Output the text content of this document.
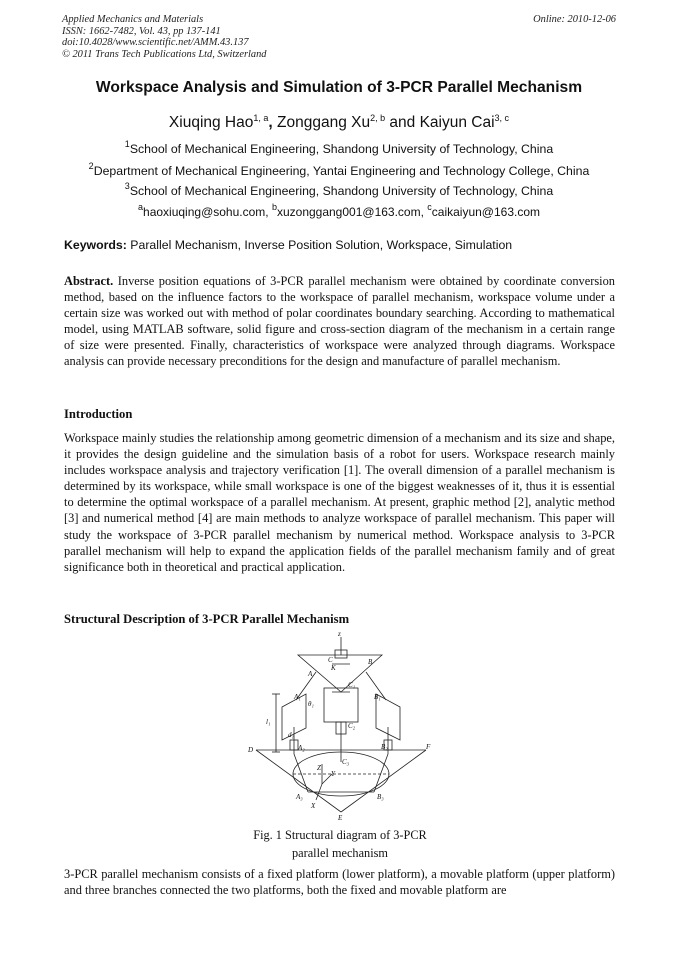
Applied Mechanics and Materials
ISSN: 1662-7482, Vol. 43, pp 137-141
doi:10.4028/www.scientific.net/AMM.43.137
© 2011 Trans Tech Publications Ltd, Switzerland
Online: 2010-12-06
Workspace Analysis and Simulation of 3-PCR Parallel Mechanism
Xiuqing Hao$^{1, a}$, Zonggang Xu$^{2, b}$ and Kaiyun Cai$^{3, c}$
$^1$School of Mechanical Engineering, Shandong University of Technology, China
$^2$Department of Mechanical Engineering, Yantai Engineering and Technology College, China
$^3$School of Mechanical Engineering, Shandong University of Technology, China
$^a$haoxiuqing@sohu.com, $^b$xuzonggang001@163.com, $^c$caikaiyun@163.com
Keywords: Parallel Mechanism, Inverse Position Solution, Workspace, Simulation
Abstract. Inverse position equations of 3-PCR parallel mechanism were obtained by coordinate conversion method, based on the influence factors to the workspace of parallel mechanism, workspace volume under a certain size was worked out with method of polar coordinates boundary searching. According to mathematical model, using MATLAB software, solid figure and cross-section diagram of the mechanism in a certain range of size were presented. Finally, characteristics of workspace were analyzed through diagrams. Workspace analysis can provide necessary preconditions for the design and manufacture of parallel mechanism.
Introduction
Workspace mainly studies the relationship among geometric dimension of a mechanism and its size and shape, it provides the design guideline and the simulation basis of a robot for users. Workspace research mainly includes workspace analysis and trajectory verification [1]. The overall dimension of a parallel mechanism is determined by its workspace, while small workspace is one of the biggest weaknesses of it, thus it is essential to determine the optimal workspace of a parallel mechanism. At present, graphic method [2], analytic method [3] and numerical method [4] are main methods to analyze workspace of parallel mechanism. This paper will study the workspace of 3-PCR parallel mechanism by numerical method. Workspace analysis to 3-PCR parallel mechanism will help to expand the application fields of the parallel mechanism family and of great significance both in theoretical and practical application.
Structural Description of 3-PCR Parallel Mechanism
z
C
K
A
B
C₁
A₁	B₁
θ₁
l₁	C₂
d₁
A₂	B₂
D	F
C₃
Z
Y
A₃	B₃
X
E
Fig. 1 Structural diagram of 3-PCR
parallel mechanism
3-PCR parallel mechanism consists of a fixed platform (lower platform), a movable platform (upper platform) and three branches connected the two platforms, both the fixed and movable platform are
